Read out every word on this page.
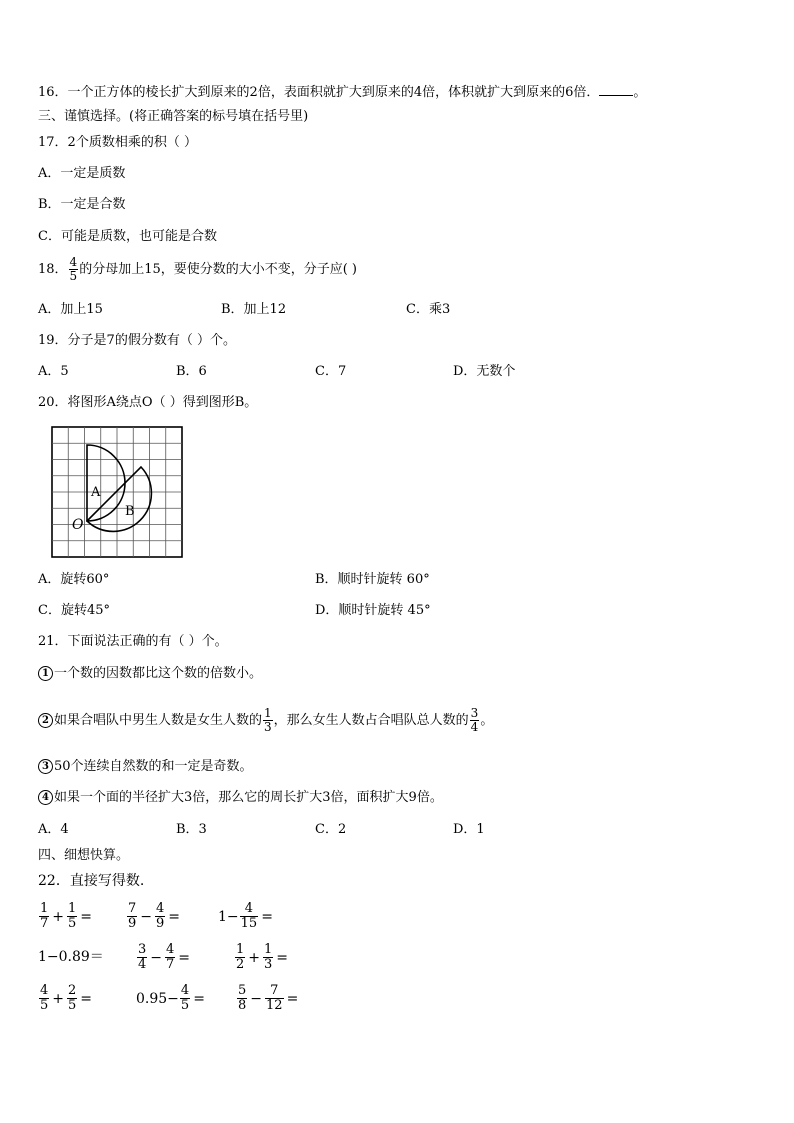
16．一个正方体的棱长扩大到原来的2倍，表面积就扩大到原来的4倍，体积就扩大到原来的6倍．	。
三、谨慎选择。(将正确答案的标号填在括号里)
17．2个质数相乘的积（ ）
A．一定是质数
B．一定是合数
C．可能是质数，也可能是合数
18． $\frac{4}{5}$ 的分母加上15，要使分数的大小不变，分子应( )
A．加上15	B．加上12	C．乘3
19．分子是7的假分数有（ ）个。
A．5	B．6	C．7	D．无数个
20．将图形A绕点O（ ）得到图形B。
A
B
O
A．旋转60°	B．顺时针旋转 60°
C．旋转45°	D．顺时针旋转 45°
21．下面说法正确的有（ ）个。
1 一个数的因数都比这个数的倍数小。
2 如果合唱队中男生人数是女生人数的 $\frac{1}{3}$ ，那么女生人数占合唱队总人数的 $\frac{3}{4}$ 。
3 50个连续自然数的和一定是奇数。
4 如果一个面的半径扩大3倍，那么它的周长扩大3倍，面积扩大9倍。
A．4	B．3	C．2	D．1
四、细想快算。
22．直接写得数.
$\frac{1}{7} + \frac{1}{5}$ =	$\frac{7}{9} - \frac{4}{9}$ =	$1- \frac{4}{15}$ =
1−0.89＝	$\frac{3}{4} - \frac{4}{7}$ =	$\frac{1}{2} + \frac{1}{3}$ =
$\frac{4}{5} + \frac{2}{5}$ =	$0.95- \frac{4}{5} = \frac{5}{8} - \frac{7}{12}$ =
